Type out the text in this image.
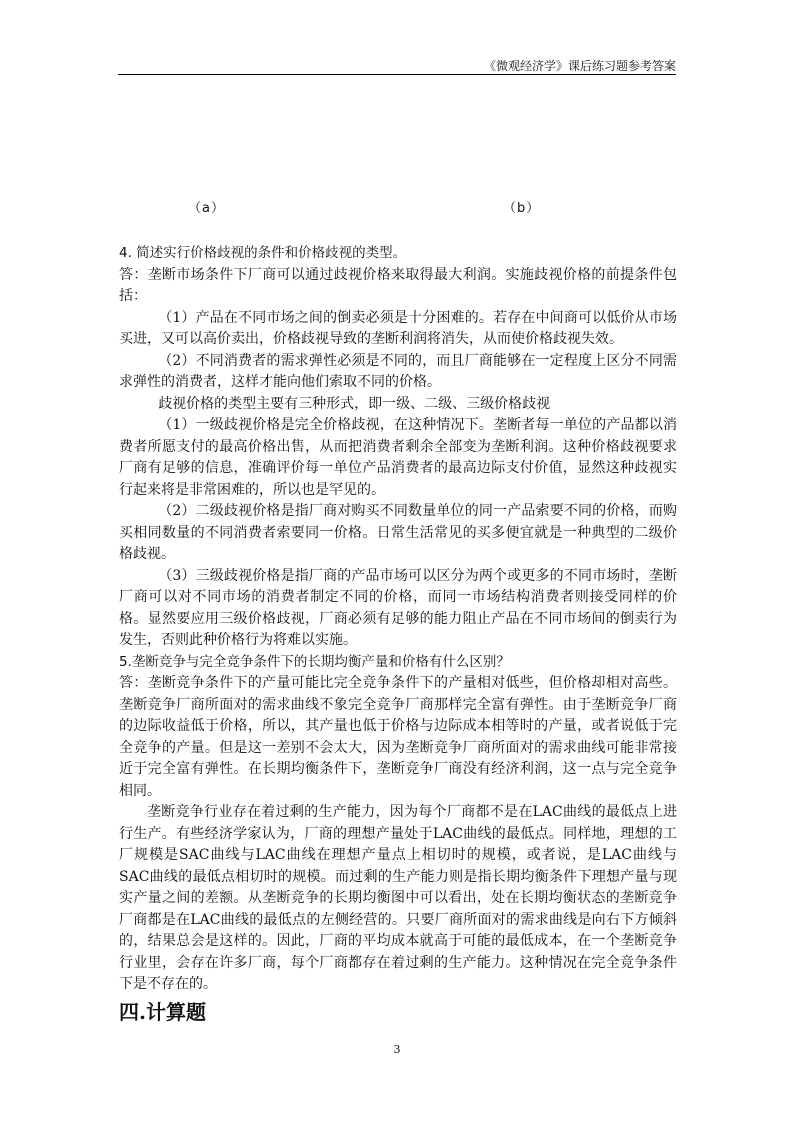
《微观经济学》课后练习题参考答案
（a）	（b）

4. 简述实行价格歧视的条件和价格歧视的类型。

答：垄断市场条件下厂商可以通过歧视价格来取得最大利润。实施歧视价格的前提条件包括：

（1）产品在不同市场之间的倒卖必须是十分困难的。若存在中间商可以低价从市场买进，又可以高价卖出，价格歧视导致的垄断利润将消失，从而使价格歧视失效。

（2）不同消费者的需求弹性必须是不同的，而且厂商能够在一定程度上区分不同需求弹性的消费者，这样才能向他们索取不同的价格。

歧视价格的类型主要有三种形式，即一级、二级、三级价格歧视

（1）一级歧视价格是完全价格歧视，在这种情况下。垄断者每一单位的产品都以消费者所愿支付的最高价格出售，从而把消费者剩余全部变为垄断利润。这种价格歧视要求厂商有足够的信息，准确评价每一单位产品消费者的最高边际支付价值，显然这种歧视实行起来将是非常困难的，所以也是罕见的。

（2）二级歧视价格是指厂商对购买不同数量单位的同一产品索要不同的价格，而购买相同数量的不同消费者索要同一价格。日常生活常见的买多便宜就是一种典型的二级价格歧视。

（3）三级歧视价格是指厂商的产品市场可以区分为两个或更多的不同市场时，垄断厂商可以对不同市场的消费者制定不同的价格，而同一市场结构消费者则接受同样的价格。显然要应用三级价格歧视，厂商必须有足够的能力阻止产品在不同市场间的倒卖行为发生，否则此种价格行为将难以实施。

5.垄断竞争与完全竞争条件下的长期均衡产量和价格有什么区别？

答：垄断竞争条件下的产量可能比完全竞争条件下的产量相对低些，但价格却相对高些。垄断竞争厂商所面对的需求曲线不象完全竞争厂商那样完全富有弹性。由于垄断竞争厂商的边际收益低于价格，所以，其产量也低于价格与边际成本相等时的产量，或者说低于完全竞争的产量。但是这一差别不会太大，因为垄断竞争厂商所面对的需求曲线可能非常接近于完全富有弹性。在长期均衡条件下，垄断竞争厂商没有经济利润，这一点与完全竞争相同。

垄断竞争行业存在着过剩的生产能力，因为每个厂商都不是在LAC曲线的最低点上进行生产。有些经济学家认为，厂商的理想产量处于LAC曲线的最低点。同样地，理想的工厂规模是SAC曲线与LAC曲线在理想产量点上相切时的规模，或者说，是LAC曲线与 SAC曲线的最低点相切时的规模。而过剩的生产能力则是指长期均衡条件下理想产量与现实产量之间的差额。从垄断竞争的长期均衡图中可以看出，处在长期均衡状态的垄断竞争厂商都是在LAC曲线的最低点的左侧经营的。只要厂商所面对的需求曲线是向右下方倾斜的，结果总会是这样的。因此，厂商的平均成本就高于可能的最低成本，在一个垄断竞争行业里，会存在许多厂商，每个厂商都存在着过剩的生产能力。这种情况在完全竞争条件下是不存在的。

四.计算题
3
